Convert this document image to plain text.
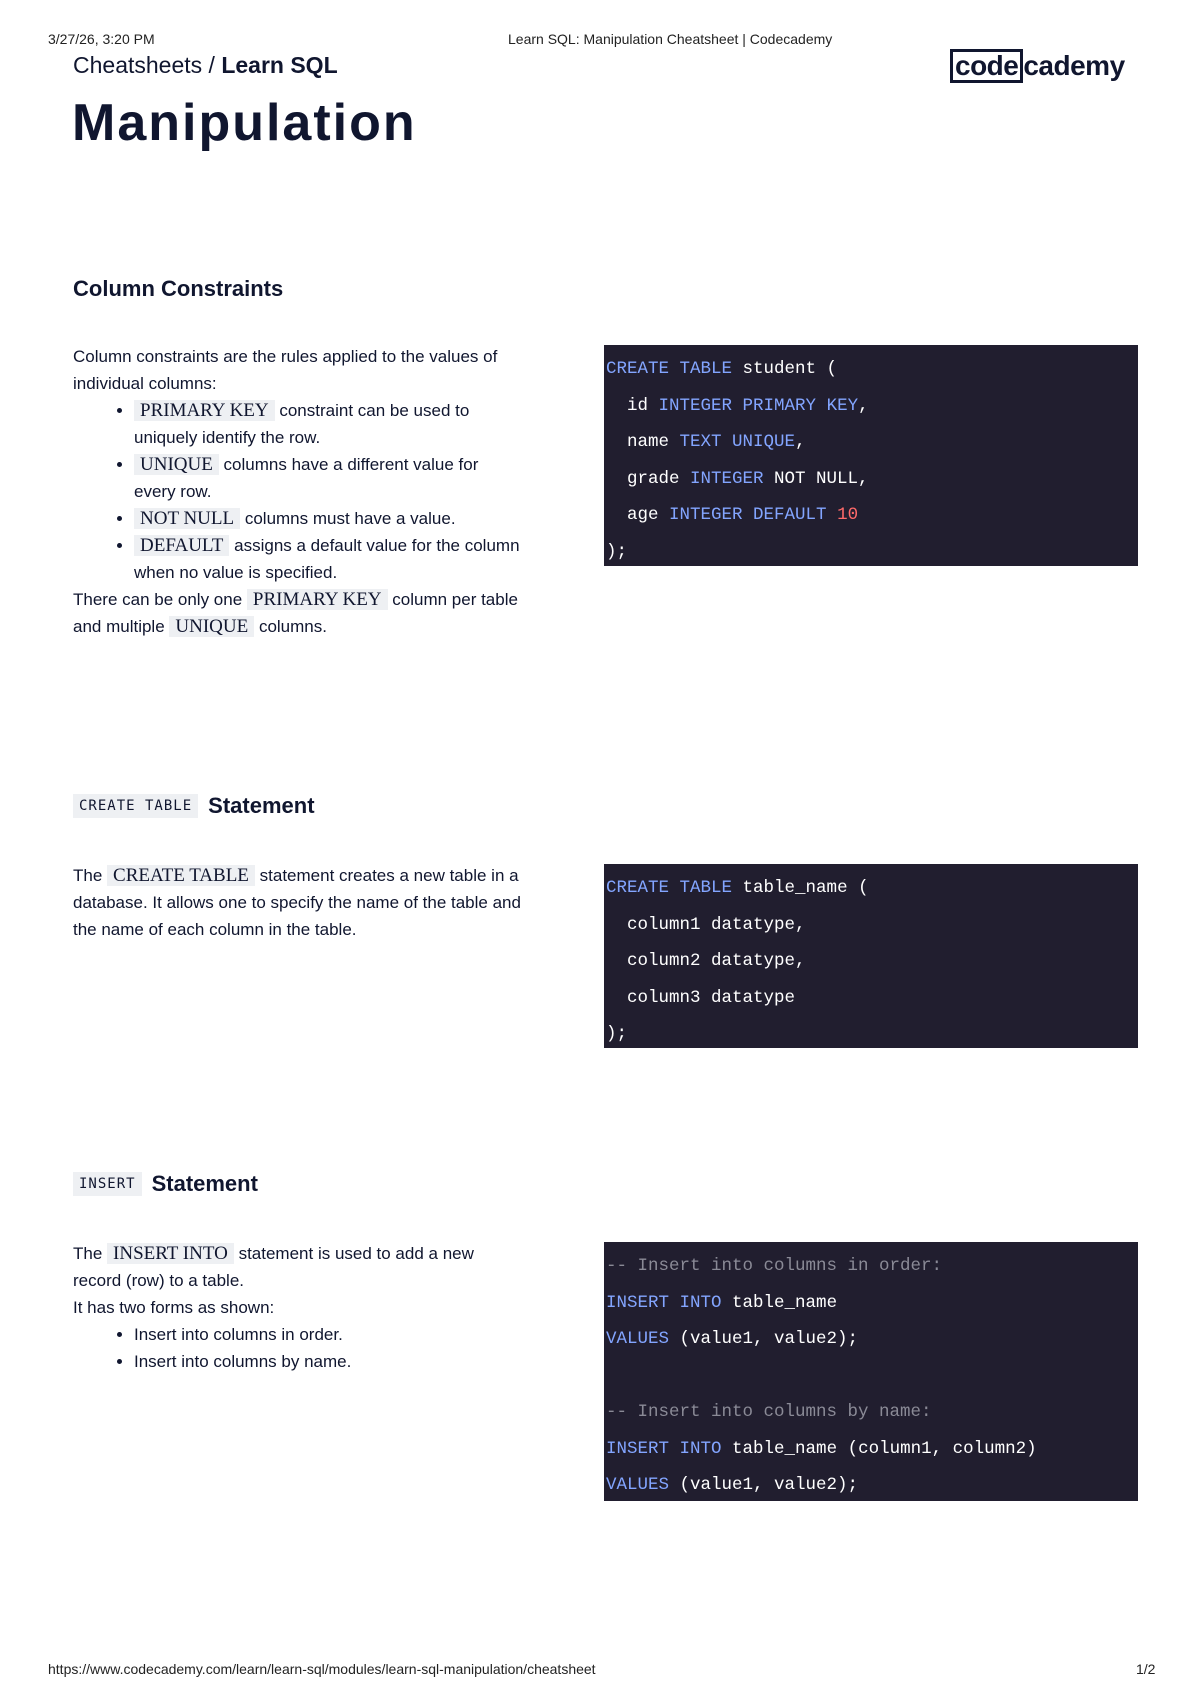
3/27/26, 3:20 PM	Learn SQL: Manipulation Cheatsheet | Codecademy
Cheatsheets / Learn SQL	code cademy
Manipulation
Column Constraints

Column constraints are the rules applied to the values of individual columns:

• PRIMARY KEY constraint can be used to uniquely identify the row.
• UNIQUE columns have a different value for every row.
• NOT NULL columns must have a value.
• DEFAULT assigns a default value for the column when no value is specified.

There can be only one PRIMARY KEY column per table and multiple UNIQUE columns.

CREATE TABLE student (
id INTEGER PRIMARY KEY,
name TEXT UNIQUE,
grade INTEGER NOT NULL,
age INTEGER DEFAULT 10
);
CREATE TABLE Statement

The CREATE TABLE statement creates a new table in a database. It allows one to specify the name of the table and the name of each column in the table.

CREATE TABLE table_name (
column1 datatype,
column2 datatype,
column3 datatype
);
INSERT Statement

The INSERT INTO statement is used to add a new record (row) to a table.

It has two forms as shown:

• Insert into columns in order.
• Insert into columns by name.
-- Insert into columns in order:
INSERT INTO table_name
VALUES (value1, value2);
-- Insert into columns by name:
INSERT INTO table_name (column1, column2)
VALUES (value1, value2);
https://www.codecademy.com/learn/learn-sql/modules/learn-sql-manipulation/cheatsheet	1/2
